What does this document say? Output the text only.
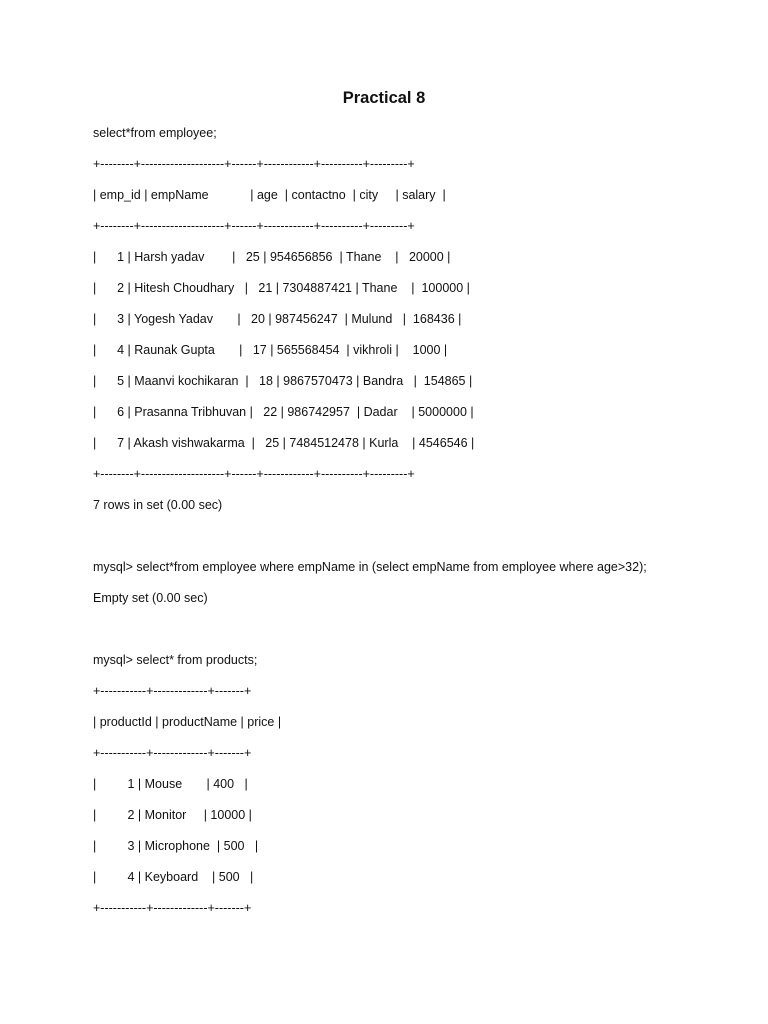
Practical 8
select*from employee;
+--------+--------------------+------+------------+----------+---------+
| emp_id | empName            | age  | contactno  | city     | salary  |
+--------+--------------------+------+------------+----------+---------+
|      1 | Harsh yadav        |   25 | 954656856  | Thane    |   20000 |
|      2 | Hitesh Choudhary   |   21 | 7304887421 | Thane    |  100000 |
|      3 | Yogesh Yadav       |   20 | 987456247  | Mulund   |  168436 |
|      4 | Raunak Gupta       |   17 | 565568454  | vikhroli |    1000 |
|      5 | Maanvi kochikaran  |   18 | 9867570473 | Bandra   |  154865 |
|      6 | Prasanna Tribhuvan |   22 | 986742957  | Dadar    | 5000000 |
|      7 | Akash vishwakarma  |   25 | 7484512478 | Kurla    | 4546546 |
+--------+--------------------+------+------------+----------+---------+
7 rows in set (0.00 sec)
mysql> select*from employee where empName in (select empName from employee where age>32);
Empty set (0.00 sec)
mysql> select* from products;
+-----------+-------------+-------+
| productId | productName | price |
+-----------+-------------+-------+
|         1 | Mouse       | 400   |
|         2 | Monitor     | 10000 |
|         3 | Microphone  | 500   |
|         4 | Keyboard    | 500   |
+-----------+-------------+-------+
